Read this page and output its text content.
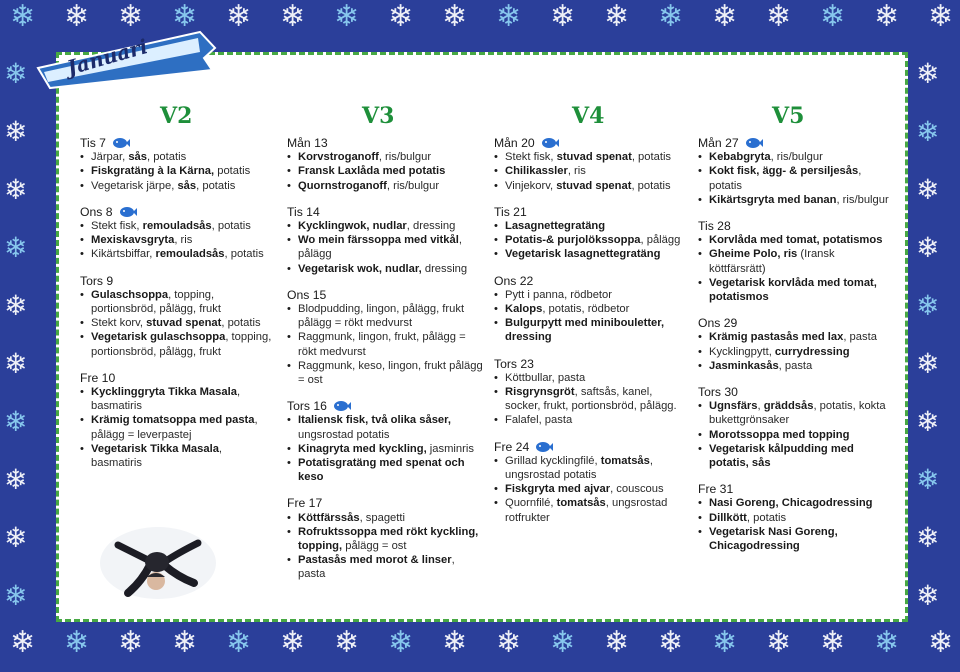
❄
❄
❄
❄
❄
❄
❄
❄
❄
❄
❄
❄
❄
❄
❄
❄
❄
❄
❄
❄
❄
❄
❄
❄
❄
❄
❄
❄
❄
❄
❄
❄
❄
❄
❄
❄
❄	❄
❄	❄
❄	❄
❄	❄
❄	❄
❄	❄
❄	❄
❄	❄
❄	❄
❄	❄
Januari
V2
Tis 7
• Järpar, sås, potatis
• Fiskgratäng à la Kärna, potatis
• Vegetarisk järpe, sås, potatis
Ons 8
• Stekt fisk, remouladsås, potatis
• Mexiskavsgryta, ris
• Kikärtsbiffar, remouladsås, potatis
Tors 9
• Gulaschsoppa, topping, portionsbröd, pålägg, frukt
• Stekt korv, stuvad spenat, potatis
• Vegetarisk gulaschsoppa, topping, portionsbröd, pålägg, frukt
Fre 10
• Kycklinggryta Tikka Masala, basmatiris
• Krämig tomatsoppa med pasta, pålägg = leverpastej
• Vegetarisk Tikka Masala, basmatiris
V3
Mån 13
• Korvstroganoff, ris/bulgur
• Fransk Laxlåda med potatis
• Quornstroganoff, ris/bulgur
Tis 14
• Kycklingwok, nudlar, dressing
• Wo mein färssoppa med vitkål, pålägg
• Vegetarisk wok, nudlar, dressing
Ons 15
• Blodpudding, lingon, pålägg, frukt pålägg = rökt medvurst
• Raggmunk, lingon, frukt, pålägg = rökt medvurst
• Raggmunk, keso, lingon, frukt pålägg = ost
Tors 16
• Italiensk fisk, två olika såser, ungsrostad potatis
• Kinagryta med kyckling, jasminris
• Potatisgratäng med spenat och keso
Fre 17
• Köttfärssås, spagetti
• Rofruktssoppa med rökt kyckling, topping, pålägg = ost
• Pastasås med morot & linser, pasta
V4
Mån 20
• Stekt fisk, stuvad spenat, potatis
• Chilikassler, ris
• Vinjekorv, stuvad spenat, potatis
Tis 21
• Lasagnettegratäng
• Potatis-& purjolökssoppa, pålägg
• Vegetarisk lasagnettegratäng
Ons 22
• Pytt i panna, rödbetor
• Kalops, potatis, rödbetor
• Bulgurpytt med minibouletter, dressing
Tors 23
• Köttbullar, pasta
• Risgrynsgröt, saftsås, kanel, socker, frukt, portionsbröd, pålägg.
• Falafel, pasta
Fre 24
• Grillad kycklingfilé, tomatsås, ungsrostad potatis
• Fiskgryta med ajvar, couscous
• Quornfilé, tomatsås, ungsrostad rotfrukter
V5
Mån 27
• Kebabgryta, ris/bulgur
• Kokt fisk, ägg- & persiljesås, potatis
• Kikärtsgryta med banan, ris/bulgur
Tis 28
• Korvlåda med tomat, potatismos
• Gheime Polo, ris (Iransk köttfärsrätt)
• Vegetarisk korvlåda med tomat, potatismos
Ons 29
• Krämig pastasås med lax, pasta
• Kycklingpytt, currydressing
• Jasminkasås, pasta
Tors 30
• Ugnsfärs, gräddsås, potatis, kokta bukettgrönsaker
• Morotssoppa med topping
• Vegetarisk kålpudding med potatis, sås
Fre 31
• Nasi Goreng, Chicagodressing
• Dillkött, potatis
• Vegetarisk Nasi Goreng, Chicagodressing
